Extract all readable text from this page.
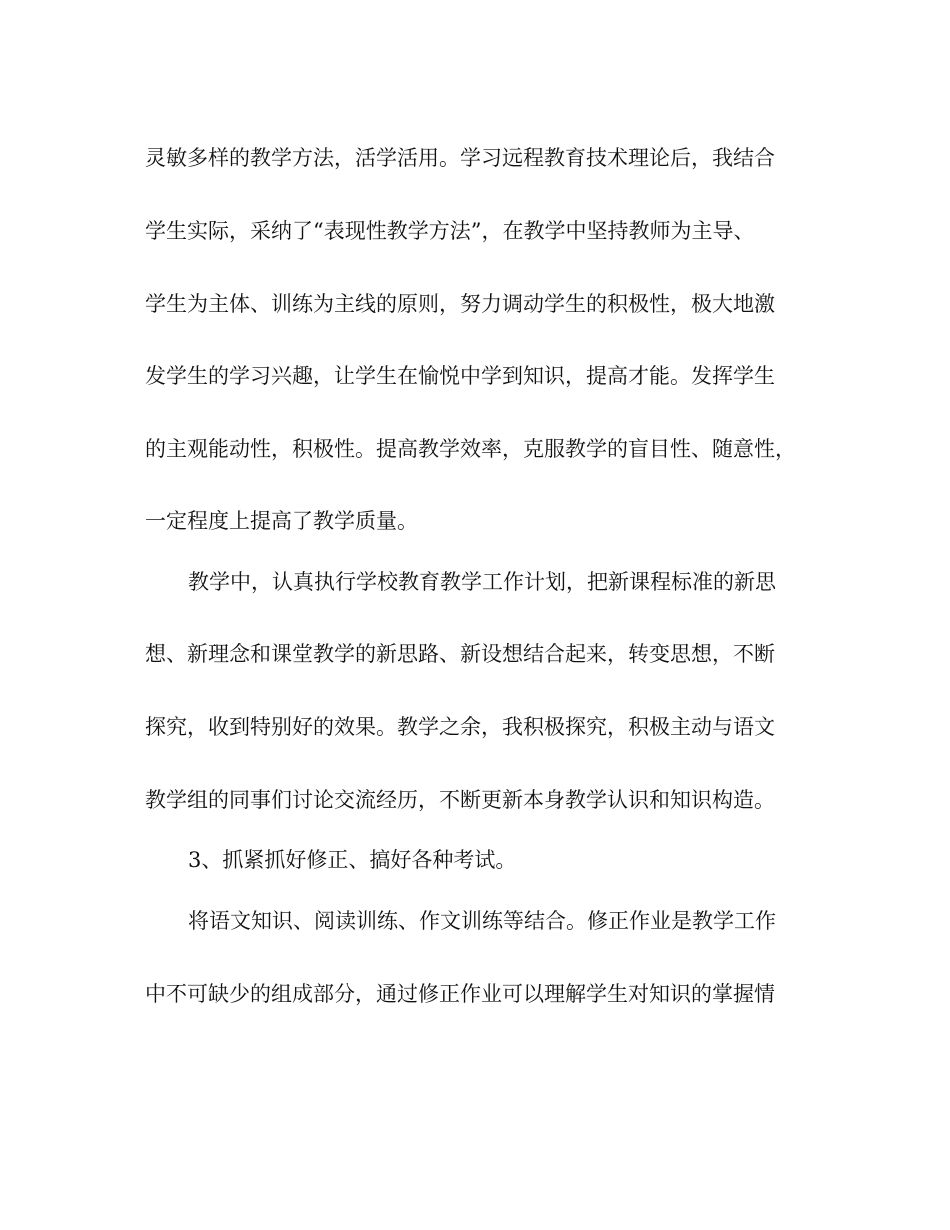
灵敏多样的教学方法，活学活用。学习远程教育技术理论后，我结合
学生实际，采纳了“表现性教学方法”，在教学中坚持教师为主导、
学生为主体、训练为主线的原则，努力调动学生的积极性，极大地激
发学生的学习兴趣，让学生在愉悦中学到知识，提高才能。发挥学生
的主观能动性，积极性。提高教学效率，克服教学的盲目性、随意性，
一定程度上提高了教学质量。
教学中，认真执行学校教育教学工作计划，把新课程标准的新思
想、新理念和课堂教学的新思路、新设想结合起来，转变思想，不断
探究，收到特别好的效果。教学之余，我积极探究，积极主动与语文
教学组的同事们讨论交流经历，不断更新本身教学认识和知识构造。
3、抓紧抓好修正、搞好各种考试。
将语文知识、阅读训练、作文训练等结合。修正作业是教学工作
中不可缺少的组成部分，通过修正作业可以理解学生对知识的掌握情
